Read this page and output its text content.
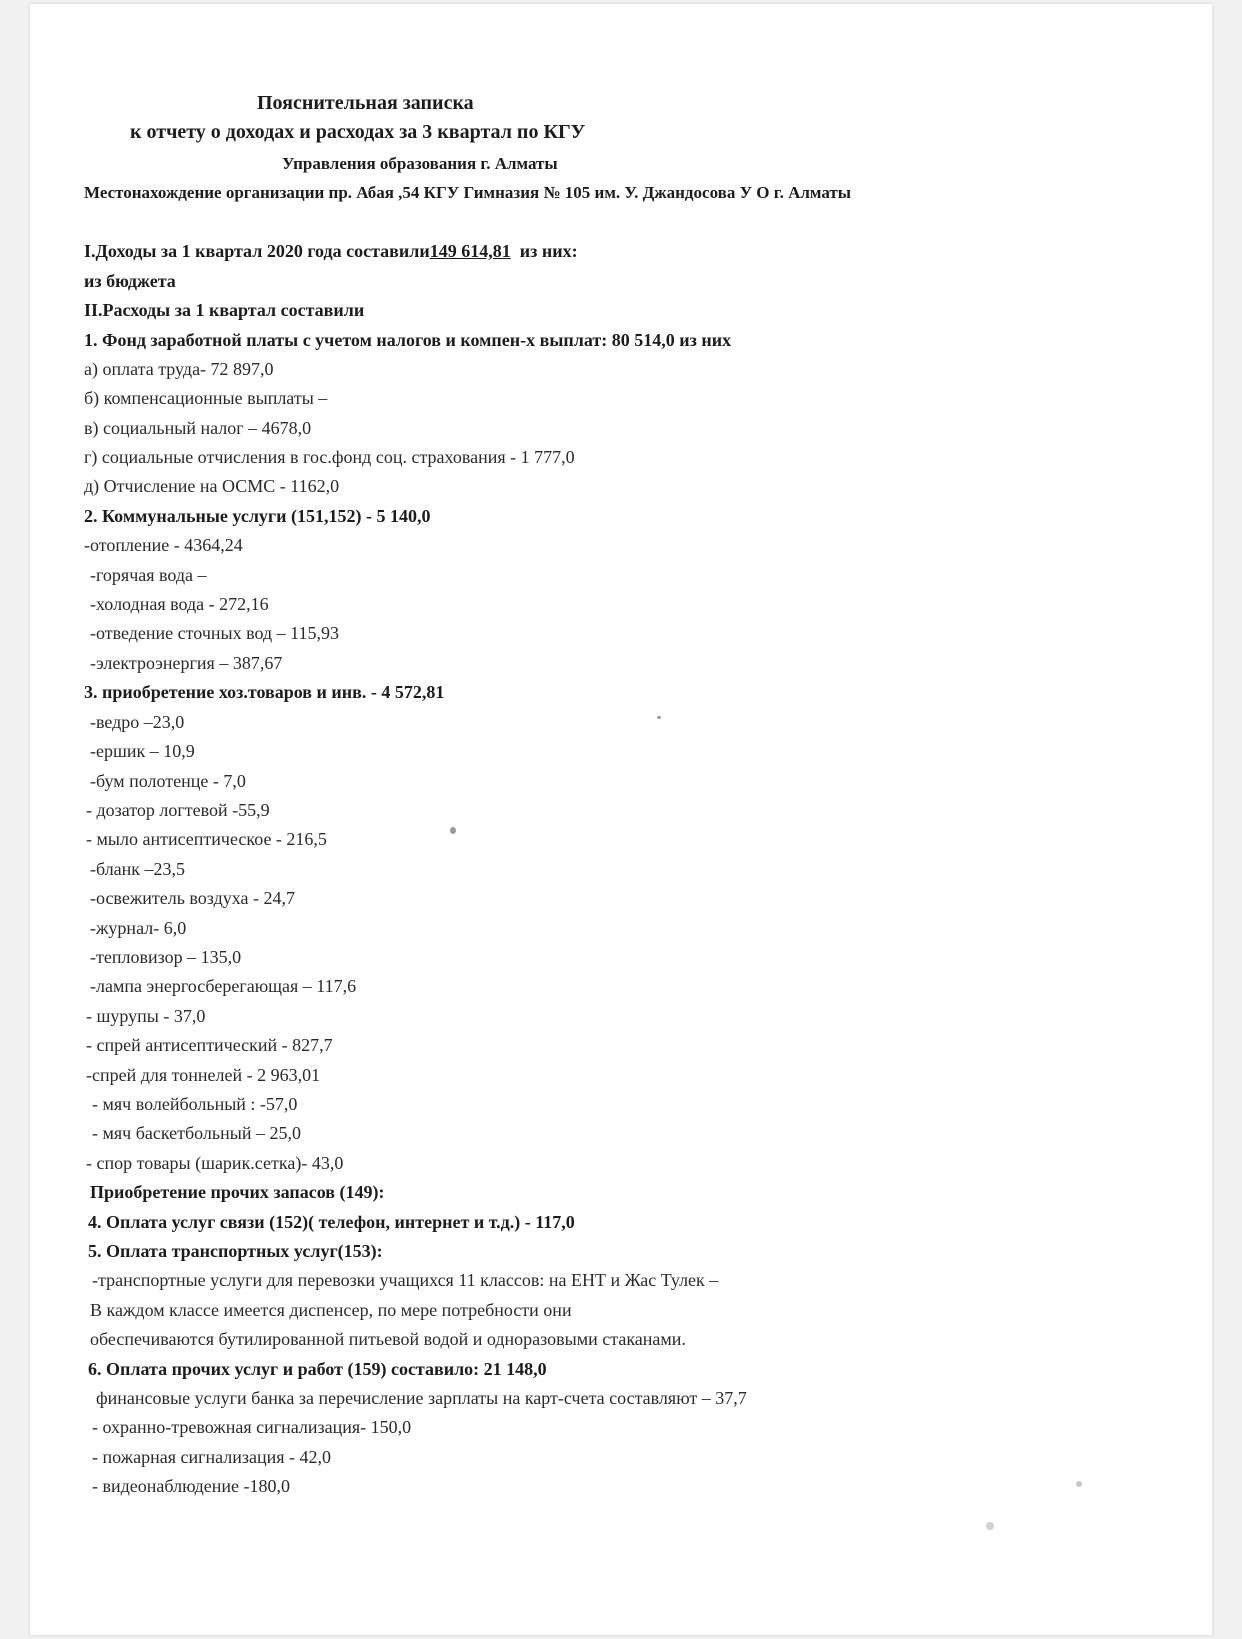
Пояснительная записка
к отчету о доходах и расходах за 3 квартал по КГУ
Управления образования г. Алматы
Местонахождение организации пр. Абая ,54 КГУ Гимназия № 105 им. У. Джандосова У О г. Алматы
I.Доходы за 1 квартал 2020 года составили149 614,81 из них:
из бюджета
II.Расходы за 1 квартал составили
1. Фонд заработной платы с учетом налогов и компен-х выплат: 80 514,0 из них
а) оплата труда- 72 897,0
б) компенсационные выплаты –
в) социальный налог – 4678,0
г) социальные отчисления в гос.фонд соц. страхования - 1 777,0
д) Отчисление на ОСМС - 1162,0
2. Коммунальные услуги (151,152) - 5 140,0
-отопление - 4364,24
-горячая вода –
-холодная вода - 272,16
-отведение сточных вод – 115,93
-электроэнергия – 387,67
3. приобретение хоз.товаров и инв. - 4 572,81
-ведро –23,0
-ершик – 10,9
-бум полотенце - 7,0
- дозатор логтевой -55,9
- мыло антисептическое - 216,5
-бланк –23,5
-освежитель воздуха - 24,7
-журнал- 6,0
-тепловизор – 135,0
-лампа энергосберегающая – 117,6
- шурупы - 37,0
- спрей антисептический - 827,7
-спрей для тоннелей - 2 963,01
- мяч волейбольный : -57,0
- мяч баскетбольный – 25,0
- спор товары (шарик.сетка)- 43,0
Приобретение прочих запасов (149):
4. Оплата услуг связи (152)( телефон, интернет и т.д.) - 117,0
5. Оплата транспортных услуг(153):
-транспортные услуги для перевозки учащихся 11 классов: на ЕНТ и Жас Тулек –
В каждом классе имеется диспенсер, по мере потребности они
обеспечиваются бутилированной питьевой водой и одноразовыми стаканами.
6. Оплата прочих услуг и работ (159) составило: 21 148,0
финансовые услуги банка за перечисление зарплаты на карт-счета составляют – 37,7
- охранно-тревожная сигнализация- 150,0
- пожарная сигнализация - 42,0
- видеонаблюдение -180,0
